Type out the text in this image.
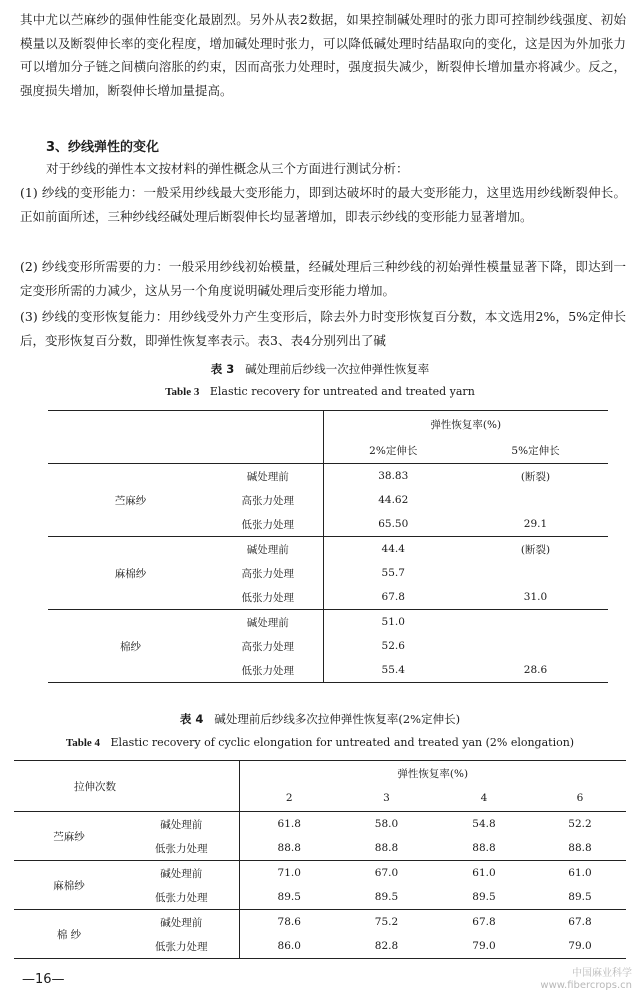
其中尤以苎麻纱的强伸性能变化最剧烈。另外从表2数据，如果控制碱处理时的张力即可控制纱线强度、初始模量以及断裂伸长率的变化程度，增加碱处理时张力，可以降低碱处理时结晶取向的变化，这是因为外加张力可以增加分子链之间横向溶胀的约束，因而高张力处理时，强度损失减少，断裂伸长增加量亦将减少。反之，强度损失增加，断裂伸长增加量提高。
3、纱线弹性的变化
对于纱线的弹性本文按材料的弹性概念从三个方面进行测试分析：
(1) 纱线的变形能力：一般采用纱线最大变形能力，即到达破坏时的最大变形能力，这里选用纱线断裂伸长。正如前面所述，三种纱线经碱处理后断裂伸长均显著增加，即表示纱线的变形能力显著增加。
(2) 纱线变形所需要的力：一般采用纱线初始模量，经碱处理后三种纱线的初始弹性模量显著下降，即达到一定变形所需的力减少，这从另一个角度说明碱处理后变形能力增加。
(3) 纱线的变形恢复能力：用纱线受外力产生变形后，除去外力时变形恢复百分数，本文选用2%，5%定伸长后，变形恢复百分数，即弹性恢复率表示。表3、表4分别列出了碱
表 3 碱处理前后纱线一次拉伸弹性恢复率
Table 3 Elastic recovery for untreated and treated yarn
		弹性恢复率(%)	
		2%定伸长	5%定伸长
苎麻纱	碱处理前	38.83	(断裂)
	高张力处理	44.62	
	低张力处理	65.50	29.1
麻棉纱	碱处理前	44.4	(断裂)
	高张力处理	55.7	
	低张力处理	67.8	31.0
棉纱	碱处理前	51.0	
	高张力处理	52.6	
	低张力处理	55.4	28.6
表 4 碱处理前后纱线多次拉伸弹性恢复率(2%定伸长)
Table 4 Elastic recovery of cyclic elongation for untreated and treated yan (2% elongation)
拉伸次数		弹性恢复率(%)			
		2	3	4	6
苎麻纱	碱处理前	61.8	58.0	54.8	52.2
	低张力处理	88.8	88.8	88.8	88.8
麻棉纱	碱处理前	71.0	67.0	61.0	61.0
	低张力处理	89.5	89.5	89.5	89.5
棉 纱	碱处理前	78.6	75.2	67.8	67.8
	低张力处理	86.0	82.8	79.0	79.0
—16—	中国麻业科学
www.fibercrops.cn
